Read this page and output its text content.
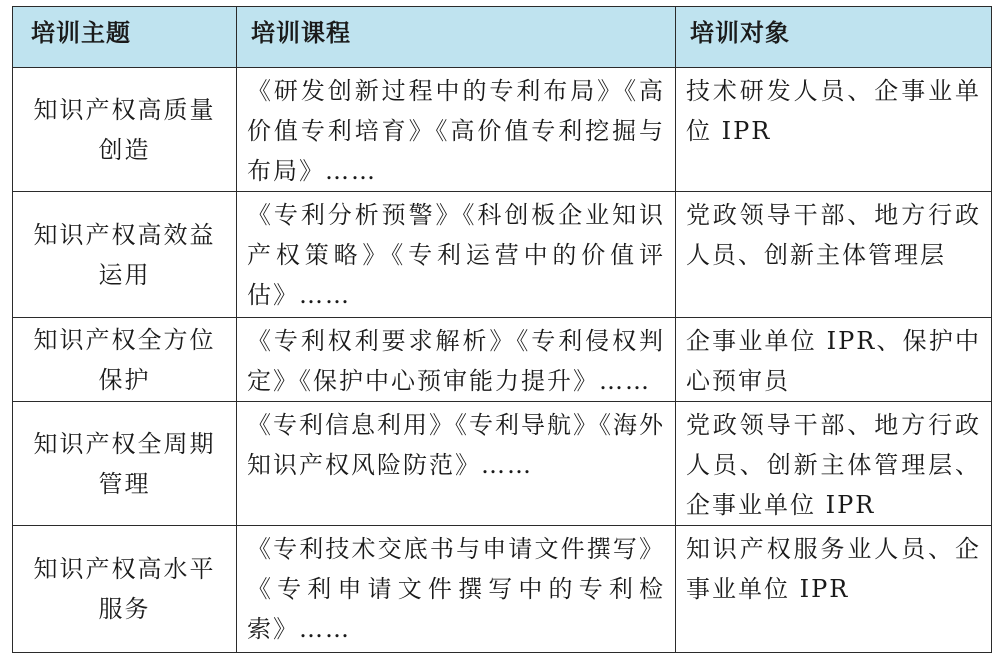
培训主题	培训课程	培训对象
知识产权高质量创造	《研发创新过程中的专利布局》《高价值专利培育》《高价值专利挖掘与布局》……	技术研发人员、企事业单位 IPR
知识产权高效益运用	《专利分析预警》《科创板企业知识产权策略》《专利运营中的价值评估》……	党政领导干部、地方行政人员、创新主体管理层
知识产权全方位保护	《专利权利要求解析》《专利侵权判定》《保护中心预审能力提升》……	企事业单位 IPR、保护中心预审员
知识产权全周期管理	《专利信息利用》《专利导航》《海外知识产权风险防范》……	党政领导干部、地方行政人员、创新主体管理层、企事业单位 IPR
知识产权高水平服务	《专利技术交底书与申请文件撰写》《专利申请文件撰写中的专利检索》……	知识产权服务业人员、企事业单位 IPR
